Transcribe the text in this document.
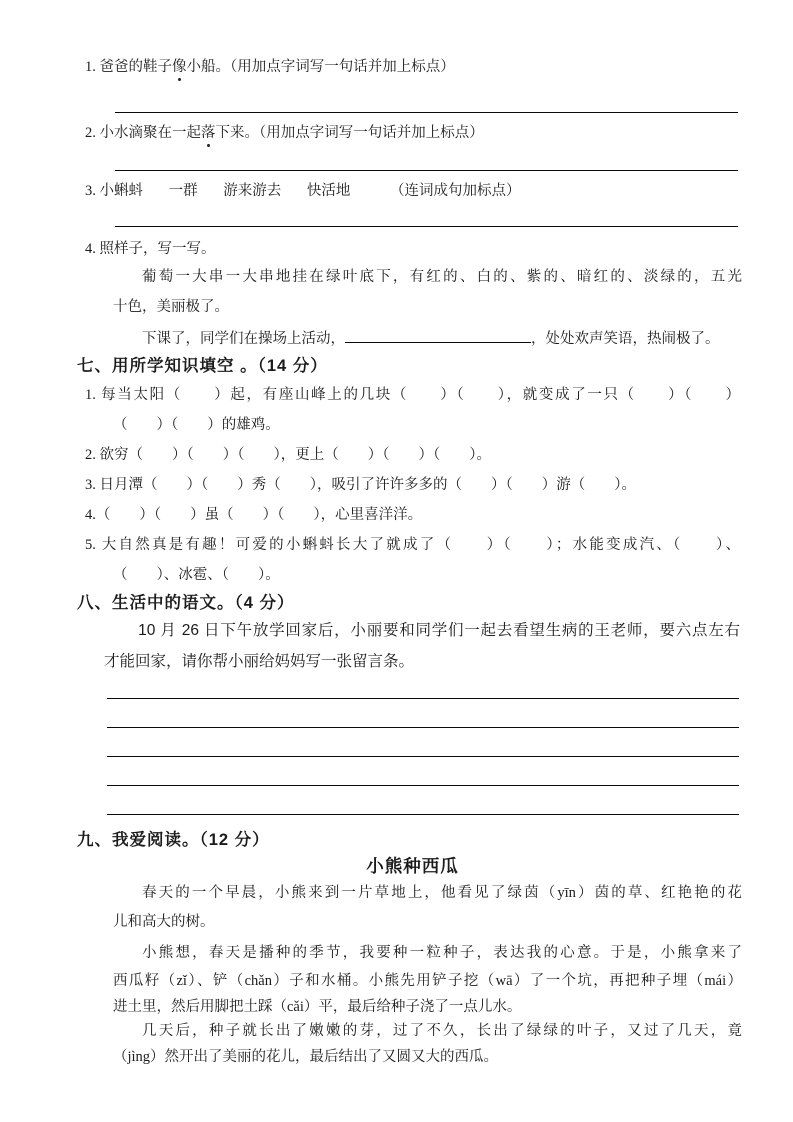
1. 爸爸的鞋子像小船。（用加点字词写一句话并加上标点）
2. 小水滴聚在一起落下来。（用加点字词写一句话并加上标点）
3. 小蝌蚪 一群 游来游去 快活地	（连词成句加标点）
4. 照样子，写一写。
葡萄一大串一大串地挂在绿叶底下，有红的、白的、紫的、暗红的、淡绿的，五光
十色，美丽极了。
下课了，同学们在操场上活动，	，处处欢声笑语，热闹极了。
七、用所学知识填空 。（14 分）
1. 每当太阳（　　）起，有座山峰上的几块（　　）（　　），就变成了一只（　　）（　　）
（　　）（　　）的雄鸡。
2. 欲穷（　　）（　　）（　　），更上（　　）（　　）（　　）。
3. 日月潭（　　）（　　）秀（　　），吸引了许许多多的（　　）（　　）游（　　）。
4.（　　）（　　）虽（　　）（　　），心里喜洋洋。
5. 大自然真是有趣！可爱的小蝌蚪长大了就成了（　　）（　　）；水能变成汽、（　　）、
（　　）、冰雹、（　　）。
八、生活中的语文。（4 分）
10 月 26 日下午放学回家后，小丽要和同学们一起去看望生病的王老师，要六点左右
才能回家，请你帮小丽给妈妈写一张留言条。
九、我爱阅读。（12 分）
小熊种西瓜
春天的一个早晨，小熊来到一片草地上，他看见了绿茵（yīn）茵的草、红艳艳的花
儿和高大的树。
小熊想，春天是播种的季节，我要种一粒种子，表达我的心意。于是，小熊拿来了
西瓜籽（zǐ）、铲（chǎn）子和水桶。小熊先用铲子挖（wā）了一个坑，再把种子埋（mái）
进土里，然后用脚把土踩（cǎi）平，最后给种子浇了一点儿水。
几天后，种子就长出了嫩嫩的芽，过了不久，长出了绿绿的叶子，又过了几天，竟
（jìng）然开出了美丽的花儿，最后结出了又圆又大的西瓜。
